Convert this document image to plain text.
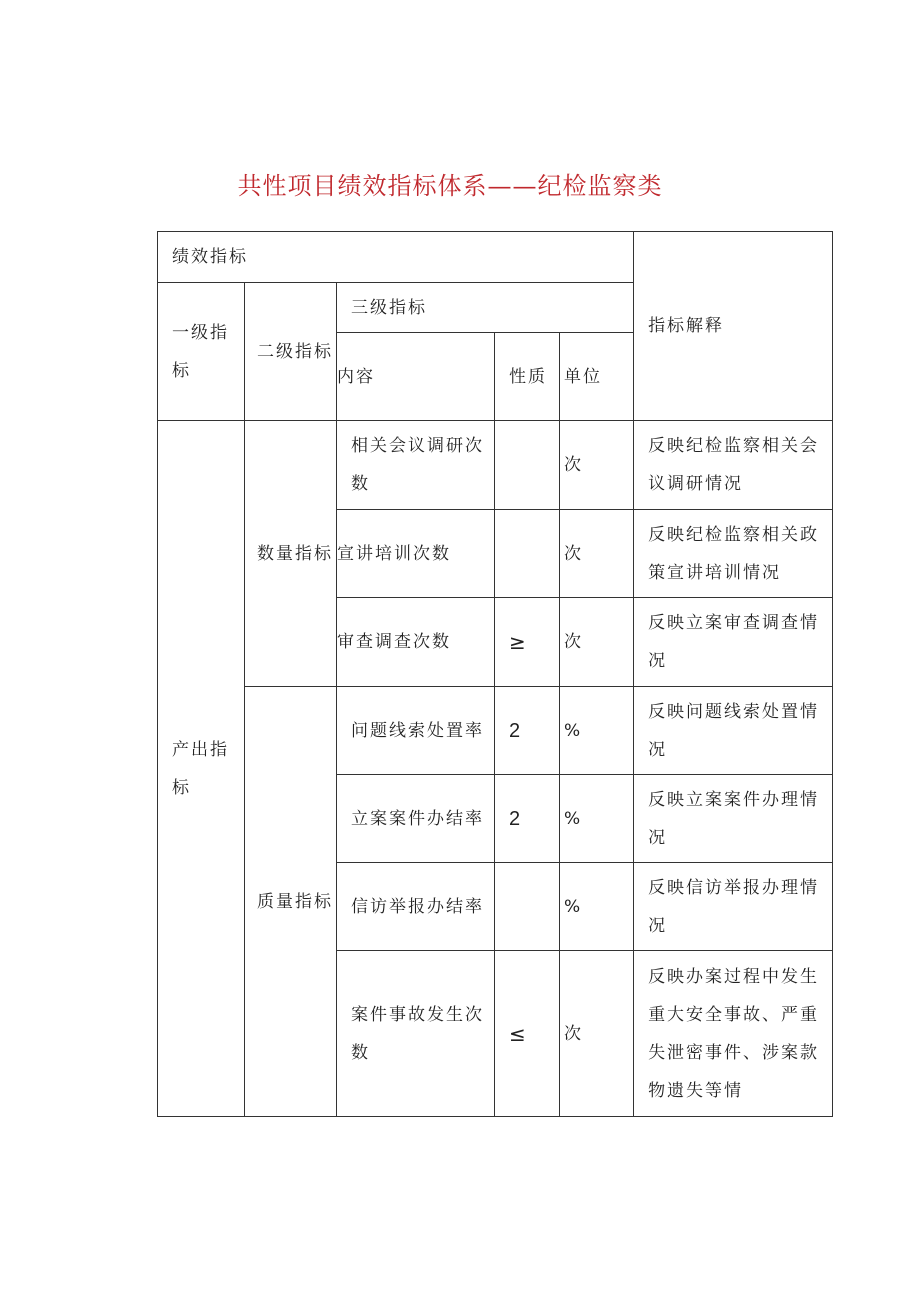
共性项目绩效指标体系——纪检监察类
绩效指标					指标解释
一级指标	二级指标	三级指标			
		内容	性质	单位	
产出指标	数量指标	相关会议调研次数		次	反映纪检监察相关会议调研情况
		宣讲培训次数		次	反映纪检监察相关政策宣讲培训情况
		审查调查次数	≥	次	反映立案审查调查情况
	质量指标	问题线索处置率	2	%	反映问题线索处置情况
		立案案件办结率	2	%	反映立案案件办理情况
		信访举报办结率		%	反映信访举报办理情况
		案件事故发生次数	≤	次	反映办案过程中发生重大安全事故、严重失泄密事件、涉案款物遗失等情
